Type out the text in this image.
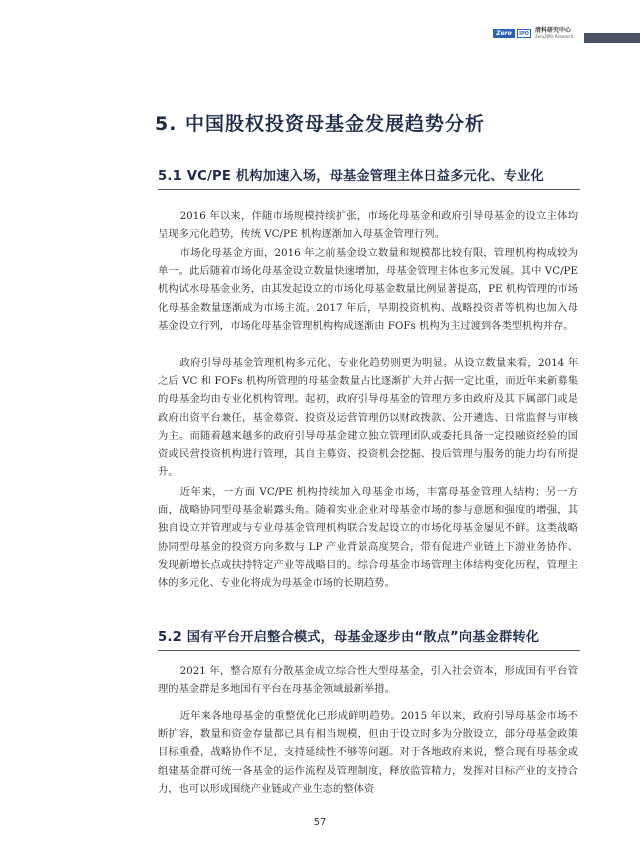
Zero	IPO	清科研究中心
Zero2IPO Research
5. 中国股权投资母基金发展趋势分析
5.1 VC/PE 机构加速入场，母基金管理主体日益多元化、专业化

2016 年以来，伴随市场规模持续扩张，市场化母基金和政府引导母基金的设立主体均呈现多元化趋势，传统 VC/PE 机构逐渐加入母基金管理行列。

市场化母基金方面，2016 年之前基金设立数量和规模都比较有限，管理机构构成较为单一。此后随着市场化母基金设立数量快速增加，母基金管理主体也多元发展。其中 VC/PE 机构试水母基金业务，由其发起设立的市场化母基金数量比例显著提高，PE 机构管理的市场化母基金数量逐渐成为市场主流。2017 年后，早期投资机构、战略投资者等机构也加入母基金设立行列，市场化母基金管理机构构成逐渐由 FOFs 机构为主过渡到各类型机构并存。

政府引导母基金管理机构多元化、专业化趋势则更为明显。从设立数量来看，2014 年之后 VC 和 FOFs 机构所管理的母基金数量占比逐渐扩大并占据一定比重，而近年来新募集的母基金均由专业化机构管理。起初，政府引导母基金的管理方多由政府及其下属部门或是政府出资平台兼任，基金募资、投资及运营管理仍以财政拨款、公开遴选、日常监督与审核为主。而随着越来越多的政府引导母基金建立独立管理团队或委托具备一定投融资经验的国资或民营投资机构进行管理，其自主募资、投资机会挖掘、投后管理与服务的能力均有所提升。

近年来，一方面 VC/PE 机构持续加入母基金市场，丰富母基金管理人结构；另一方面，战略协同型母基金崭露头角。随着实业企业对母基金市场的参与意愿和强度的增强，其独自设立并管理或与专业母基金管理机构联合发起设立的市场化母基金屡见不鲜。这类战略协同型母基金的投资方向多数与 LP 产业背景高度契合，带有促进产业链上下游业务协作、发现新增长点或扶持特定产业等战略目的。综合母基金市场管理主体结构变化历程，管理主体的多元化、专业化将成为母基金市场的长期趋势。

5.2 国有平台开启整合模式，母基金逐步由“散点”向基金群转化

2021 年，整合原有分散基金成立综合性大型母基金，引入社会资本，形成国有平台管理的基金群是多地国有平台在母基金领域最新举措。

近年来各地母基金的重整优化已形成鲜明趋势。2015 年以来，政府引导母基金市场不断扩容，数量和资金存量都已具有相当规模，但由于设立时多为分散设立，部分母基金政策目标重叠，战略协作不足，支持延续性不够等问题。对于各地政府来说，整合现有母基金或组建基金群可统一各基金的运作流程及管理制度，释放监管精力，发挥对目标产业的支持合力，也可以形成围绕产业链或产业生态的整体资

57
